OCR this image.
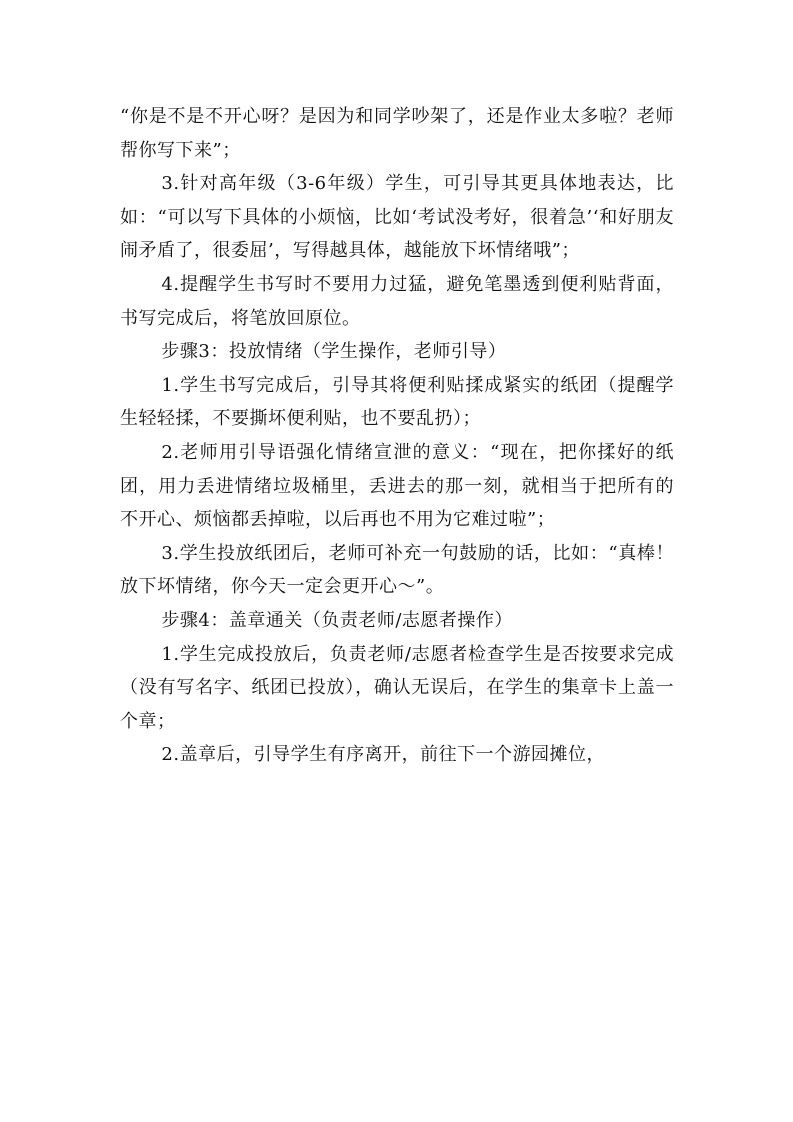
“你是不是不开心呀？是因为和同学吵架了，还是作业太多啦？老师帮你写下来”；

3.针对高年级（3-6年级）学生，可引导其更具体地表达，比如：“可以写下具体的小烦恼，比如‘考试没考好，很着急’‘和好朋友闹矛盾了，很委屈’，写得越具体，越能放下坏情绪哦”；

4.提醒学生书写时不要用力过猛，避免笔墨透到便利贴背面，书写完成后，将笔放回原位。

步骤3：投放情绪（学生操作，老师引导）

1.学生书写完成后，引导其将便利贴揉成紧实的纸团（提醒学生轻轻揉，不要撕坏便利贴，也不要乱扔）；

2.老师用引导语强化情绪宣泄的意义：“现在，把你揉好的纸团，用力丢进情绪垃圾桶里，丢进去的那一刻，就相当于把所有的不开心、烦恼都丢掉啦，以后再也不用为它难过啦”；

3.学生投放纸团后，老师可补充一句鼓励的话，比如：“真棒！放下坏情绪，你今天一定会更开心～”。

步骤4：盖章通关（负责老师/志愿者操作）

1.学生完成投放后，负责老师/志愿者检查学生是否按要求完成（没有写名字、纸团已投放），确认无误后，在学生的集章卡上盖一个章；

2.盖章后，引导学生有序离开，前往下一个游园摊位，
